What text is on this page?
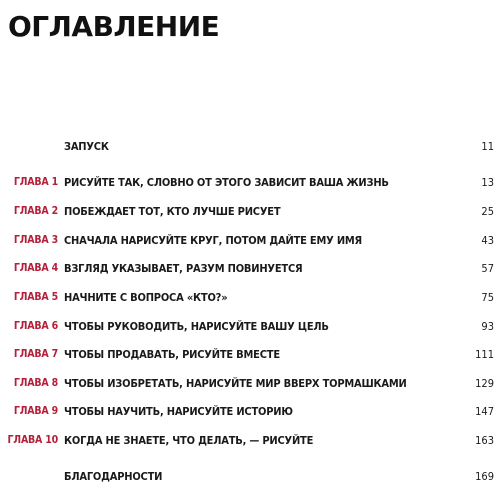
ОГЛАВЛЕНИЕ
ЗАПУСК	11
ГЛАВА 1 РИСУЙТЕ ТАК, СЛОВНО ОТ ЭТОГО ЗАВИСИТ ВАША ЖИЗНЬ	13
ГЛАВА 2 ПОБЕЖДАЕТ ТОТ, КТО ЛУЧШЕ РИСУЕТ	25
ГЛАВА 3 СНАЧАЛА НАРИСУЙТЕ КРУГ, ПОТОМ ДАЙТЕ ЕМУ ИМЯ	43
ГЛАВА 4 ВЗГЛЯД УКАЗЫВАЕТ, РАЗУМ ПОВИНУЕТСЯ	57
ГЛАВА 5 НАЧНИТЕ С ВОПРОСА «КТО?»	75
ГЛАВА 6 ЧТОБЫ РУКОВОДИТЬ, НАРИСУЙТЕ ВАШУ ЦЕЛЬ	93
ГЛАВА 7 ЧТОБЫ ПРОДАВАТЬ, РИСУЙТЕ ВМЕСТЕ	111
ГЛАВА 8 ЧТОБЫ ИЗОБРЕТАТЬ, НАРИСУЙТЕ МИР ВВЕРХ ТОРМАШКАМИ	129
ГЛАВА 9 ЧТОБЫ НАУЧИТЬ, НАРИСУЙТЕ ИСТОРИЮ	147
ГЛАВА 10 КОГДА НЕ ЗНАЕТЕ, ЧТО ДЕЛАТЬ, — РИСУЙТЕ	163
БЛАГОДАРНОСТИ	169
